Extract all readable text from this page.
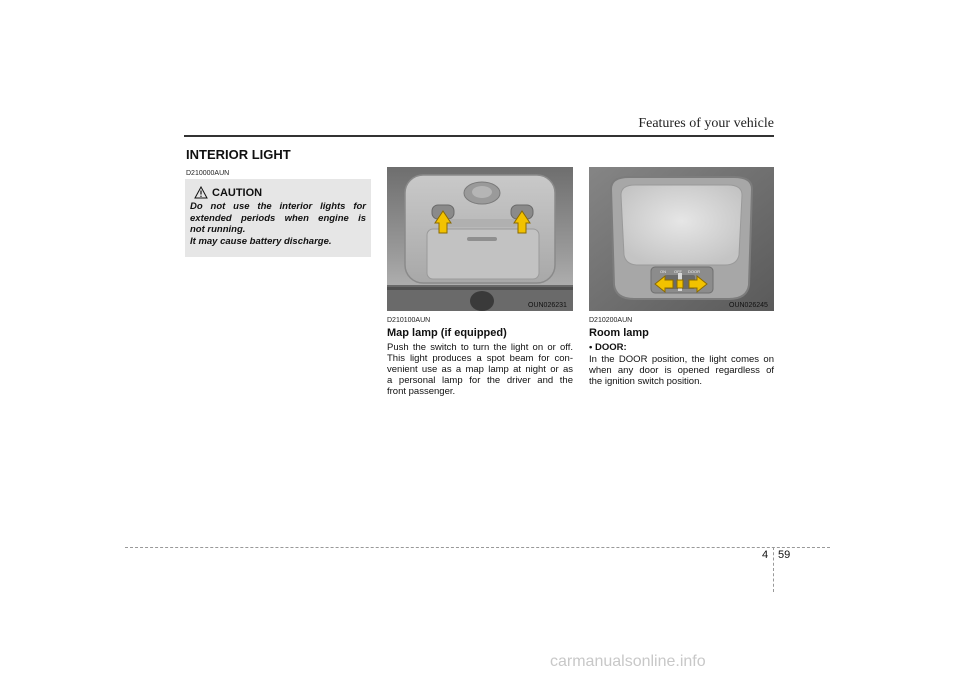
Features of your vehicle
INTERIOR LIGHT
D210000AUN
CAUTION
Do not use the interior lights for
extended periods when engine is
not running.
It may cause battery discharge.
OUN026231
ON OFF DOOR
OUN026245
D210100AUN
Map lamp (if equipped)
Push the switch to turn the light on or off.
This light produces a spot beam for con-
venient use as a map lamp at night or as
a personal lamp for the driver and the
front passenger.
D210200AUN
Room lamp
• DOOR:
In the DOOR position, the light comes on
when any door is opened regardless of
the ignition switch position.
4 59
carmanualsonline.info
